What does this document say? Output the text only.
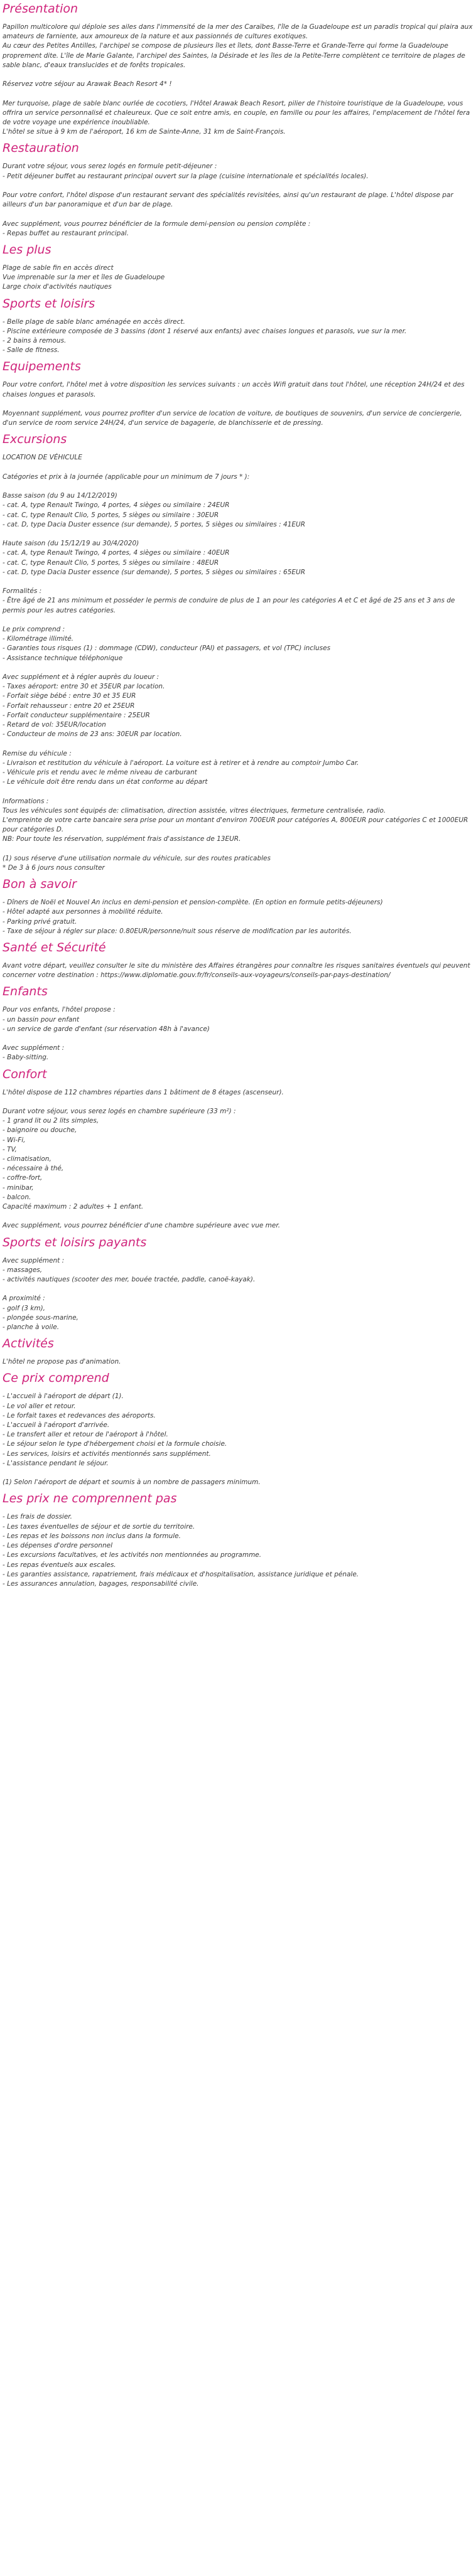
Présentation
Papillon multicolore qui déploie ses ailes dans l'immensité de la mer des Caraïbes, l'île de la Guadeloupe est un paradis tropical qui plaira aux amateurs de farniente, aux amoureux de la nature et aux passionnés de cultures exotiques.
Au cœur des Petites Antilles, l'archipel se compose de plusieurs îles et îlets, dont Basse-Terre et Grande-Terre qui forme la Guadeloupe proprement dite. L'île de Marie Galante, l'archipel des Saintes, la Désirade et les îles de la Petite-Terre complètent ce territoire de plages de sable blanc, d'eaux translucides et de forêts tropicales.
Réservez votre séjour au Arawak Beach Resort 4* !
Mer turquoise, plage de sable blanc ourlée de cocotiers, l'Hôtel Arawak Beach Resort, pilier de l'histoire touristique de la Guadeloupe, vous offrira un service personnalisé et chaleureux. Que ce soit entre amis, en couple, en famille ou pour les affaires, l'emplacement de l'hôtel fera de votre voyage une expérience inoubliable.
L'hôtel se situe à 9 km de l'aéroport, 16 km de Sainte-Anne, 31 km de Saint-François.
Restauration
Durant votre séjour, vous serez logés en formule petit-déjeuner :
- Petit déjeuner buffet au restaurant principal ouvert sur la plage (cuisine internationale et spécialités locales).
Pour votre confort, l'hôtel dispose d'un restaurant servant des spécialités revisitées, ainsi qu'un restaurant de plage. L'hôtel dispose par ailleurs d'un bar panoramique et d'un bar de plage.
Avec supplément, vous pourrez bénéficier de la formule demi-pension ou pension complète :
- Repas buffet au restaurant principal.
Les plus
Plage de sable fin en accès direct
Vue imprenable sur la mer et îles de Guadeloupe
Large choix d'activités nautiques
Sports et loisirs
- Belle plage de sable blanc aménagée en accès direct.
- Piscine extérieure composée de 3 bassins (dont 1 réservé aux enfants) avec chaises longues et parasols, vue sur la mer.
- 2 bains à remous.
- Salle de fitness.
Equipements
Pour votre confort, l'hôtel met à votre disposition les services suivants : un accès Wifi gratuit dans tout l'hôtel, une réception 24H/24 et des chaises longues et parasols.
Moyennant supplément, vous pourrez profiter d'un service de location de voiture, de boutiques de souvenirs, d'un service de conciergerie, d'un service de room service 24H/24, d'un service de bagagerie, de blanchisserie et de pressing.
Excursions
LOCATION DE VÉHICULE
Catégories et prix à la journée (applicable pour un minimum de 7 jours * ):
Basse saison (du 9 au 14/12/2019)
- cat. A, type Renault Twingo, 4 portes, 4 sièges ou similaire : 24EUR
- cat. C, type Renault Clio, 5 portes, 5 sièges ou similaire : 30EUR
- cat. D, type Dacia Duster essence (sur demande), 5 portes, 5 sièges ou similaires : 41EUR
Haute saison (du 15/12/19 au 30/4/2020)
- cat. A, type Renault Twingo, 4 portes, 4 sièges ou similaire : 40EUR
- cat. C, type Renault Clio, 5 portes, 5 sièges ou similaire : 48EUR
- cat. D, type Dacia Duster essence (sur demande), 5 portes, 5 sièges ou similaires : 65EUR
Formalités :
- Être âgé de 21 ans minimum et posséder le permis de conduire de plus de 1 an pour les catégories A et C et âgé de 25 ans et 3 ans de permis pour les autres catégories.
Le prix comprend :
- Kilométrage illimité.
- Garanties tous risques (1) : dommage (CDW), conducteur (PAI) et passagers, et vol (TPC) incluses
- Assistance technique téléphonique
Avec supplément et à régler auprès du loueur :
- Taxes aéroport: entre 30 et 35EUR par location.
- Forfait siège bébé : entre 30 et 35 EUR
- Forfait rehausseur : entre 20 et 25EUR
- Forfait conducteur supplémentaire : 25EUR
- Retard de vol: 35EUR/location
- Conducteur de moins de 23 ans: 30EUR par location.
Remise du véhicule :
- Livraison et restitution du véhicule à l'aéroport. La voiture est à retirer et à rendre au comptoir Jumbo Car.
- Véhicule pris et rendu avec le même niveau de carburant
- Le véhicule doit être rendu dans un état conforme au départ
Informations :
Tous les véhicules sont équipés de: climatisation, direction assistée, vitres électriques, fermeture centralisée, radio.
L'empreinte de votre carte bancaire sera prise pour un montant d'environ 700EUR pour catégories A, 800EUR pour catégories C et 1000EUR pour catégories D.
NB: Pour toute les réservation, supplément frais d'assistance de 13EUR.
(1) sous réserve d'une utilisation normale du véhicule, sur des routes praticables
* De 3 à 6 jours nous consulter
Bon à savoir
- Dîners de Noël et Nouvel An inclus en demi-pension et pension-complète. (En option en formule petits-déjeuners)
- Hôtel adapté aux personnes à mobilité réduite.
- Parking privé gratuit.
- Taxe de séjour à régler sur place: 0.80EUR/personne/nuit sous réserve de modification par les autorités.
Santé et Sécurité
Avant votre départ, veuillez consulter le site du ministère des Affaires étrangères pour connaître les risques sanitaires éventuels qui peuvent concerner votre destination : https://www.diplomatie.gouv.fr/fr/conseils-aux-voyageurs/conseils-par-pays-destination/
Enfants
Pour vos enfants, l'hôtel propose :
- un bassin pour enfant
- un service de garde d'enfant (sur réservation 48h à l'avance)
Avec supplément :
- Baby-sitting.
Confort
L'hôtel dispose de 112 chambres réparties dans 1 bâtiment de 8 étages (ascenseur).
Durant votre séjour, vous serez logés en chambre supérieure (33 m²) :
- 1 grand lit ou 2 lits simples,
- baignoire ou douche,
- Wi-Fi,
- TV,
- climatisation,
- nécessaire à thé,
- coffre-fort,
- minibar,
- balcon.
Capacité maximum : 2 adultes + 1 enfant.
Avec supplément, vous pourrez bénéficier d'une chambre supérieure avec vue mer.
Sports et loisirs payants
Avec supplément :
- massages,
- activités nautiques (scooter des mer, bouée tractée, paddle, canoë-kayak).
A proximité :
- golf (3 km),
- plongée sous-marine,
- planche à voile.
Activités
L'hôtel ne propose pas d'animation.
Ce prix comprend
- L'accueil à l'aéroport de départ (1).
- Le vol aller et retour.
- Le forfait taxes et redevances des aéroports.
- L'accueil à l'aéroport d'arrivée.
- Le transfert aller et retour de l'aéroport à l'hôtel.
- Le séjour selon le type d'hébergement choisi et la formule choisie.
- Les services, loisirs et activités mentionnés sans supplément.
- L'assistance pendant le séjour.
(1) Selon l'aéroport de départ et soumis à un nombre de passagers minimum.
Les prix ne comprennent pas
- Les frais de dossier.
- Les taxes éventuelles de séjour et de sortie du territoire.
- Les repas et les boissons non inclus dans la formule.
- Les dépenses d'ordre personnel
- Les excursions facultatives, et les activités non mentionnées au programme.
- Les repas éventuels aux escales.
- Les garanties assistance, rapatriement, frais médicaux et d'hospitalisation, assistance juridique et pénale.
- Les assurances annulation, bagages, responsabilité civile.
